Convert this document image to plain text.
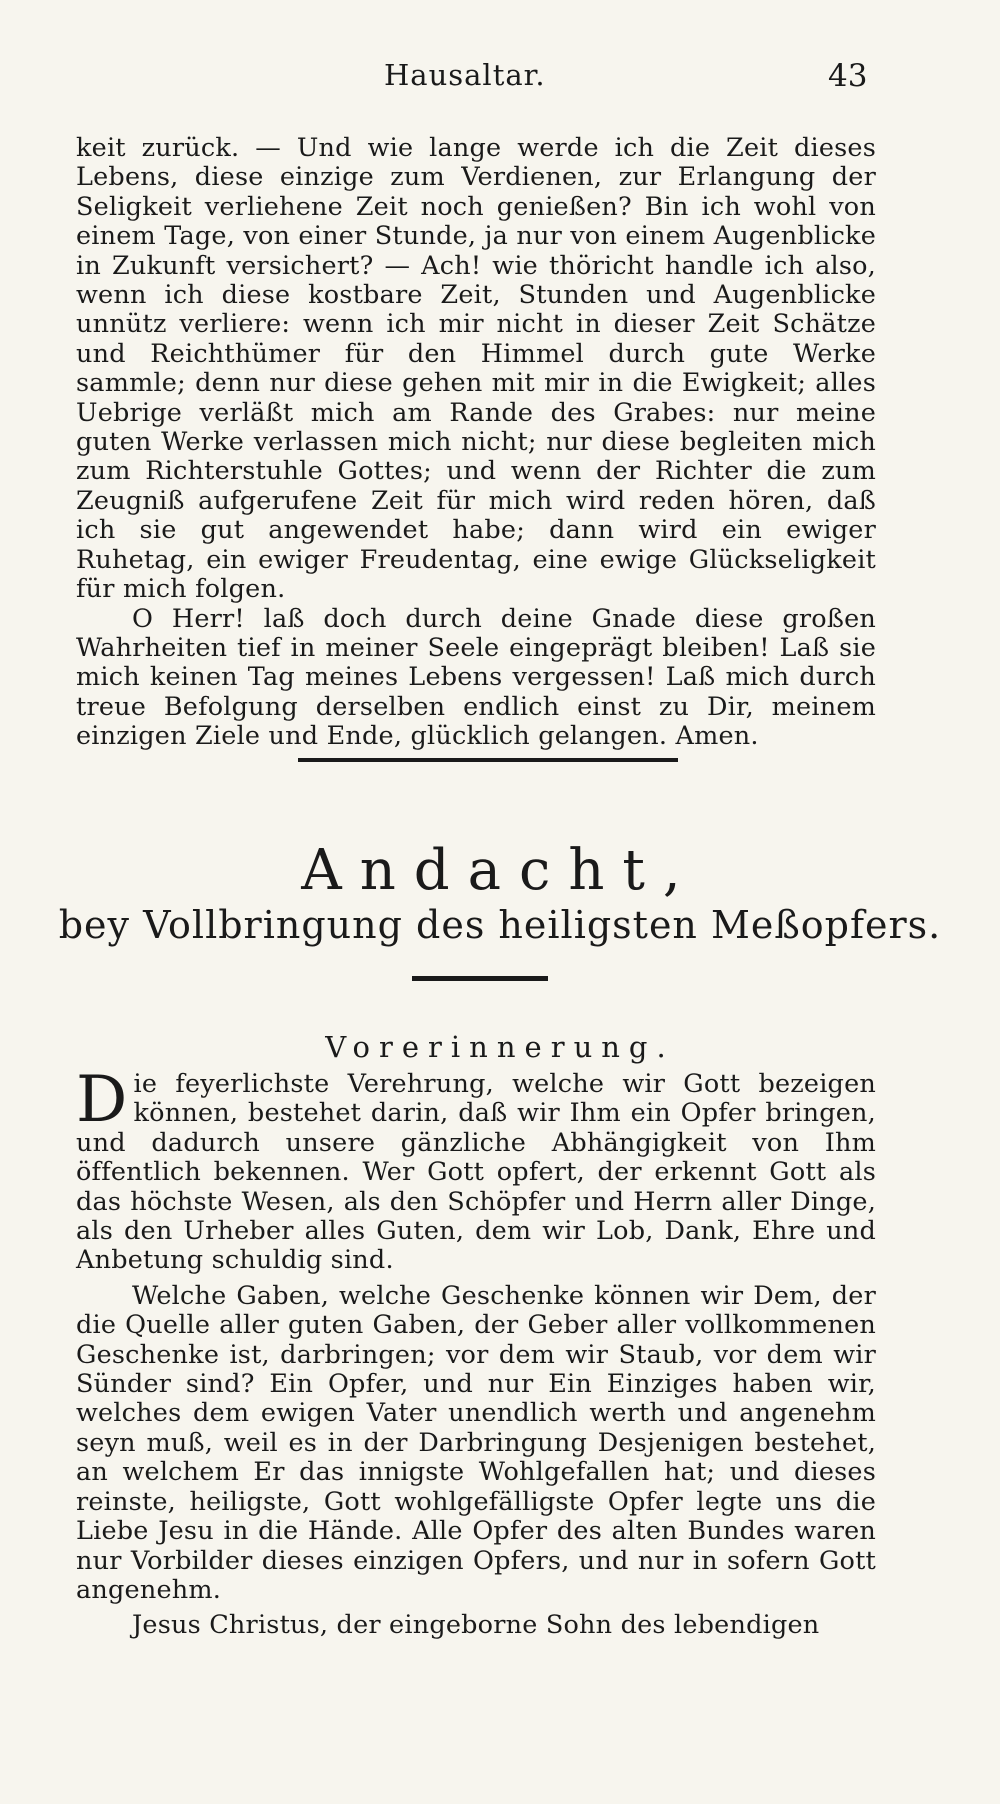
Hausaltar.	43

keit zurück. — Und wie lange werde ich die Zeit dieses Lebens, diese einzige zum Verdienen, zur Erlangung der Seligkeit verliehene Zeit noch genießen? Bin ich wohl von einem Tage, von einer Stunde, ja nur von einem Augenblicke in Zukunft versichert? — Ach! wie thöricht handle ich also, wenn ich diese kostbare Zeit, Stunden und Augenblicke unnütz verliere: wenn ich mir nicht in dieser Zeit Schätze und Reichthümer für den Himmel durch gute Werke sammle; denn nur diese gehen mit mir in die Ewigkeit; alles Uebrige verläßt mich am Rande des Grabes: nur meine guten Werke verlassen mich nicht; nur diese begleiten mich zum Richterstuhle Gottes; und wenn der Richter die zum Zeugniß aufgerufene Zeit für mich wird reden hören, daß ich sie gut angewendet habe; dann wird ein ewiger Ruhetag, ein ewiger Freudentag, eine ewige Glückseligkeit für mich folgen.

O Herr! laß doch durch deine Gnade diese großen Wahrheiten tief in meiner Seele eingeprägt bleiben! Laß sie mich keinen Tag meines Lebens vergessen! Laß mich durch treue Befolgung derselben endlich einst zu Dir, meinem einzigen Ziele und Ende, glücklich gelangen. Amen.

Andacht,
bey Vollbringung des heiligsten Meßopfers.
Vorerinnerung.

Die feyerlichste Verehrung, welche wir Gott bezeigen können, bestehet darin, daß wir Ihm ein Opfer bringen, und dadurch unsere gänzliche Abhängigkeit von Ihm öffentlich bekennen. Wer Gott opfert, der erkennt Gott als das höchste Wesen, als den Schöpfer und Herrn aller Dinge, als den Urheber alles Guten, dem wir Lob, Dank, Ehre und Anbetung schuldig sind.

Welche Gaben, welche Geschenke können wir Dem, der die Quelle aller guten Gaben, der Geber aller vollkommenen Geschenke ist, darbringen; vor dem wir Staub, vor dem wir Sünder sind? Ein Opfer, und nur Ein Einziges haben wir, welches dem ewigen Vater unendlich werth und angenehm seyn muß, weil es in der Darbringung Desjenigen bestehet, an welchem Er das innigste Wohlgefallen hat; und dieses reinste, heiligste, Gott wohlgefälligste Opfer legte uns die Liebe Jesu in die Hände. Alle Opfer des alten Bundes waren nur Vorbilder dieses einzigen Opfers, und nur in sofern Gott angenehm.

Jesus Christus, der eingeborne Sohn des lebendigen
